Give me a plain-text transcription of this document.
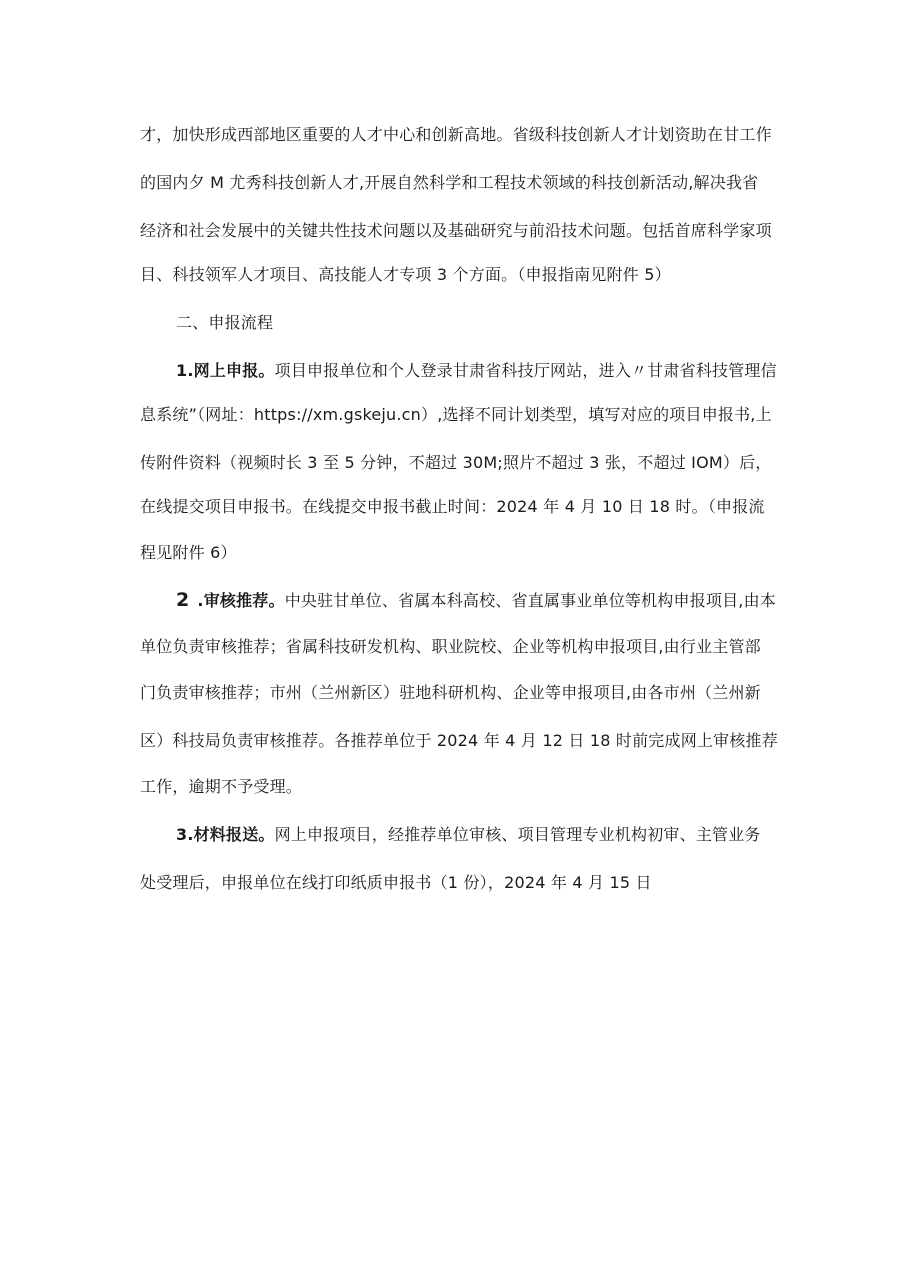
才，加快形成西部地区重要的人才中心和创新高地。省级科技创新人才计划资助在甘工作
的国内夕 M 尤秀科技创新人才,开展自然科学和工程技术领域的科技创新活动,解决我省
经济和社会发展中的关键共性技术问题以及基础研究与前沿技术问题。包括首席科学家项
目、科技领军人才项目、高技能人才专项 3 个方面。（申报指南见附件 5）
二、申报流程
1.网上申报。项目申报单位和个人登录甘肃省科技厅网站，进入〃甘肃省科技管理信
息系统”（网址：https://xm.gskeju.cn）,选择不同计划类型，填写对应的项目申报书,上
传附件资料（视频时长 3 至 5 分钟，不超过 30M;照片不超过 3 张，不超过 IOM）后，
在线提交项目申报书。在线提交申报书截止时间：2024 年 4 月 10 日 18 时。（申报流
程见附件 6）
2 .审核推荐。中央驻甘单位、省属本科高校、省直属事业单位等机构申报项目,由本
单位负责审核推荐；省属科技研发机构、职业院校、企业等机构申报项目,由行业主管部
门负责审核推荐；市州（兰州新区）驻地科研机构、企业等申报项目,由各市州（兰州新
区）科技局负责审核推荐。各推荐单位于 2024 年 4 月 12 日 18 时前完成网上审核推荐
工作，逾期不予受理。
3.材料报送。网上申报项目，经推荐单位审核、项目管理专业机构初审、主管业务
处受理后，申报单位在线打印纸质申报书（1 份），2024 年 4 月 15 日
